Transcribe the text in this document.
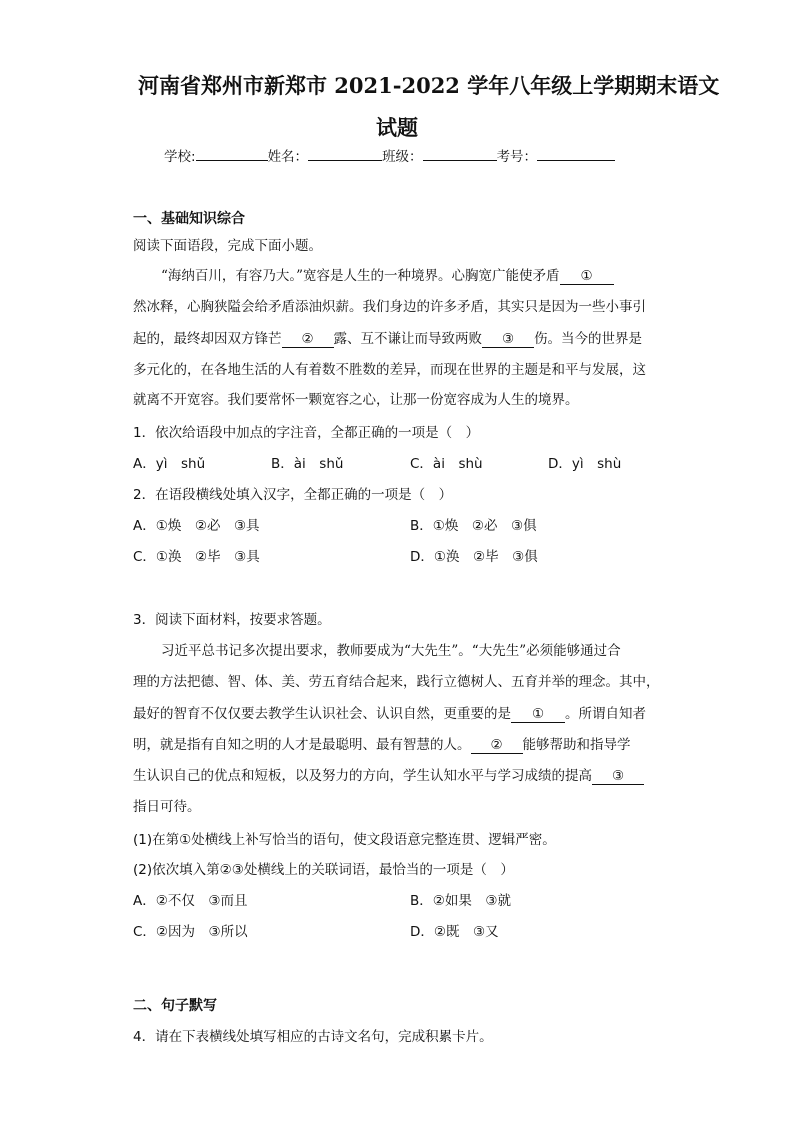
河南省郑州市新郑市 2021-2022 学年八年级上学期期末语文
试题
学校:	姓名：	班级：	考号：
一、基础知识综合
阅读下面语段，完成下面小题。
“海纳百川，有容乃大。”宽容是人生的一种境界。心胸宽广能使矛盾 ①
然冰释，心胸狭隘会给矛盾添油炽薪。我们身边的许多矛盾，其实只是因为一些小事引
起的，最终却因双方锋芒 ② 露、互不谦让而导致两败 ③ 伤。当今的世界是
多元化的，在各地生活的人有着数不胜数的差异，而现在世界的主题是和平与发展，这
就离不开宽容。我们要常怀一颗宽容之心，让那一份宽容成为人生的境界。
1．依次给语段中加点的字注音，全都正确的一项是（　）
A．yì　shǔ	B．ài　shǔ	C．ài　shù	D．yì　shù
2．在语段横线处填入汉字，全都正确的一项是（　）
A．①焕　②必　③具	B．①焕　②必　③俱
C．①涣　②毕　③具	D．①涣　②毕　③俱
3．阅读下面材料，按要求答题。
习近平总书记多次提出要求，教师要成为“大先生”。“大先生”必须能够通过合
理的方法把德、智、体、美、劳五育结合起来，践行立德树人、五育并举的理念。其中，
最好的智育不仅仅要去教学生认识社会、认识自然，更重要的是 ① 。所谓自知者
明，就是指有自知之明的人才是最聪明、最有智慧的人。 ② 能够帮助和指导学
生认识自己的优点和短板，以及努力的方向，学生认知水平与学习成绩的提高 ③
指日可待。
(1)在第①处横线上补写恰当的语句，使文段语意完整连贯、逻辑严密。
(2)依次填入第②③处横线上的关联词语，最恰当的一项是（　）
A．②不仅　③而且	B．②如果　③就
C．②因为　③所以	D．②既　③又
二、句子默写
4．请在下表横线处填写相应的古诗文名句，完成积累卡片。
